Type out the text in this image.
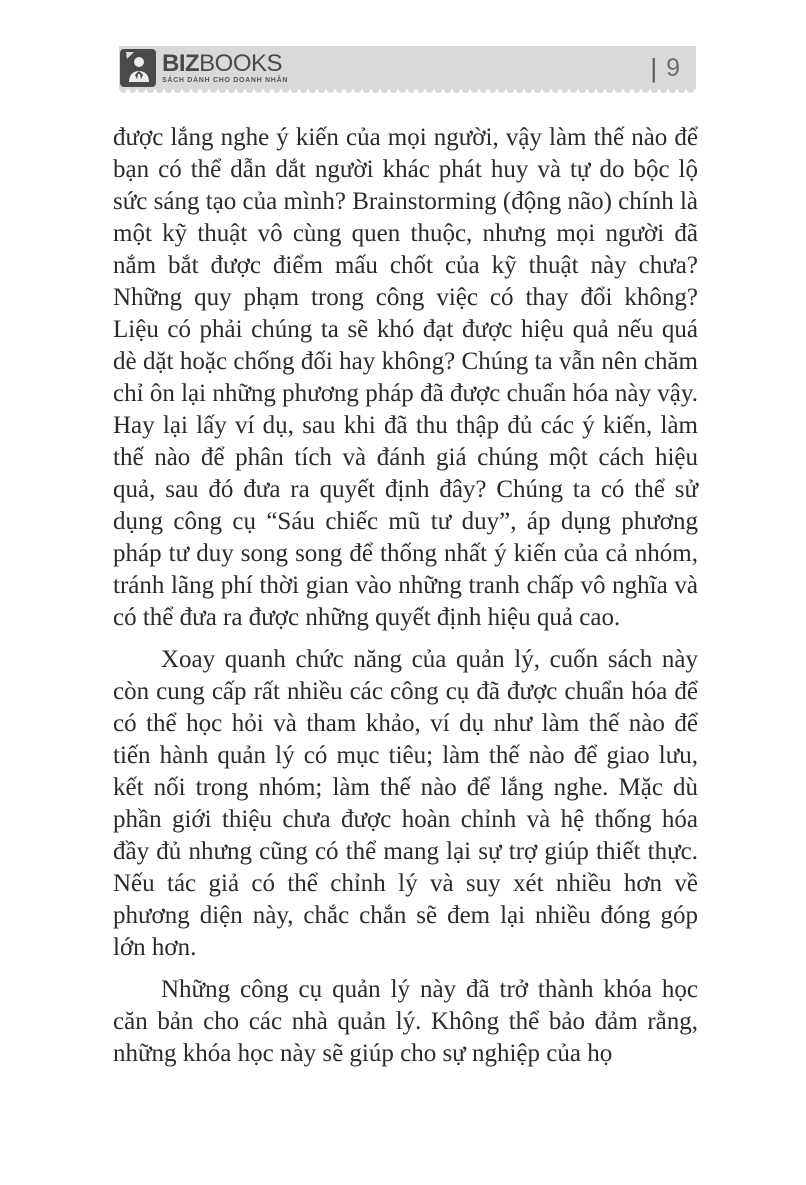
BIZBOOKS
SÁCH DÀNH CHO DOANH NHÂN	| 9

được lắng nghe ý kiến của mọi người, vậy làm thế nào để bạn có thể dẫn dắt người khác phát huy và tự do bộc lộ sức sáng tạo của mình? Brainstorming (động não) chính là một kỹ thuật vô cùng quen thuộc, nhưng mọi người đã nắm bắt được điểm mấu chốt của kỹ thuật này chưa? Những quy phạm trong công việc có thay đổi không? Liệu có phải chúng ta sẽ khó đạt được hiệu quả nếu quá dè dặt hoặc chống đối hay không? Chúng ta vẫn nên chăm chỉ ôn lại những phương pháp đã được chuẩn hóa này vậy. Hay lại lấy ví dụ, sau khi đã thu thập đủ các ý kiến, làm thế nào để phân tích và đánh giá chúng một cách hiệu quả, sau đó đưa ra quyết định đây? Chúng ta có thể sử dụng công cụ “Sáu chiếc mũ tư duy”, áp dụng phương pháp tư duy song song để thống nhất ý kiến của cả nhóm, tránh lãng phí thời gian vào những tranh chấp vô nghĩa và có thể đưa ra được những quyết định hiệu quả cao.

Xoay quanh chức năng của quản lý, cuốn sách này còn cung cấp rất nhiều các công cụ đã được chuẩn hóa để có thể học hỏi và tham khảo, ví dụ như làm thế nào để tiến hành quản lý có mục tiêu; làm thế nào để giao lưu, kết nối trong nhóm; làm thế nào để lắng nghe. Mặc dù phần giới thiệu chưa được hoàn chỉnh và hệ thống hóa đầy đủ nhưng cũng có thể mang lại sự trợ giúp thiết thực. Nếu tác giả có thể chỉnh lý và suy xét nhiều hơn về phương diện này, chắc chắn sẽ đem lại nhiều đóng góp lớn hơn.

Những công cụ quản lý này đã trở thành khóa học căn bản cho các nhà quản lý. Không thể bảo đảm rằng, những khóa học này sẽ giúp cho sự nghiệp của họ
